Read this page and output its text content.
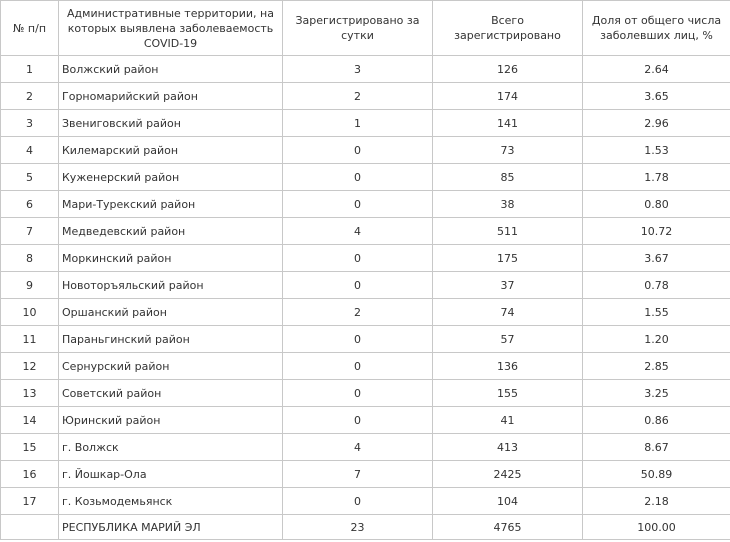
№ п/п	Административные территории, на которых выявлена заболеваемость COVID-19	Зарегистрировано за сутки	Всего зарегистрировано	Доля от общего числа заболевших лиц, %
1	Волжский район	3	126	2.64
2	Горномарийский район	2	174	3.65
3	Звениговский район	1	141	2.96
4	Килемарский район	0	73	1.53
5	Куженерский район	0	85	1.78
6	Мари-Турекский район	0	38	0.80
7	Медведевский район	4	511	10.72
8	Моркинский район	0	175	3.67
9	Новоторъяльский район	0	37	0.78
10	Оршанский район	2	74	1.55
11	Параньгинский район	0	57	1.20
12	Сернурский район	0	136	2.85
13	Советский район	0	155	3.25
14	Юринский район	0	41	0.86
15	г. Волжск	4	413	8.67
16	г. Йошкар-Ола	7	2425	50.89
17	г. Козьмодемьянск	0	104	2.18
	РЕСПУБЛИКА МАРИЙ ЭЛ	23	4765	100.00
